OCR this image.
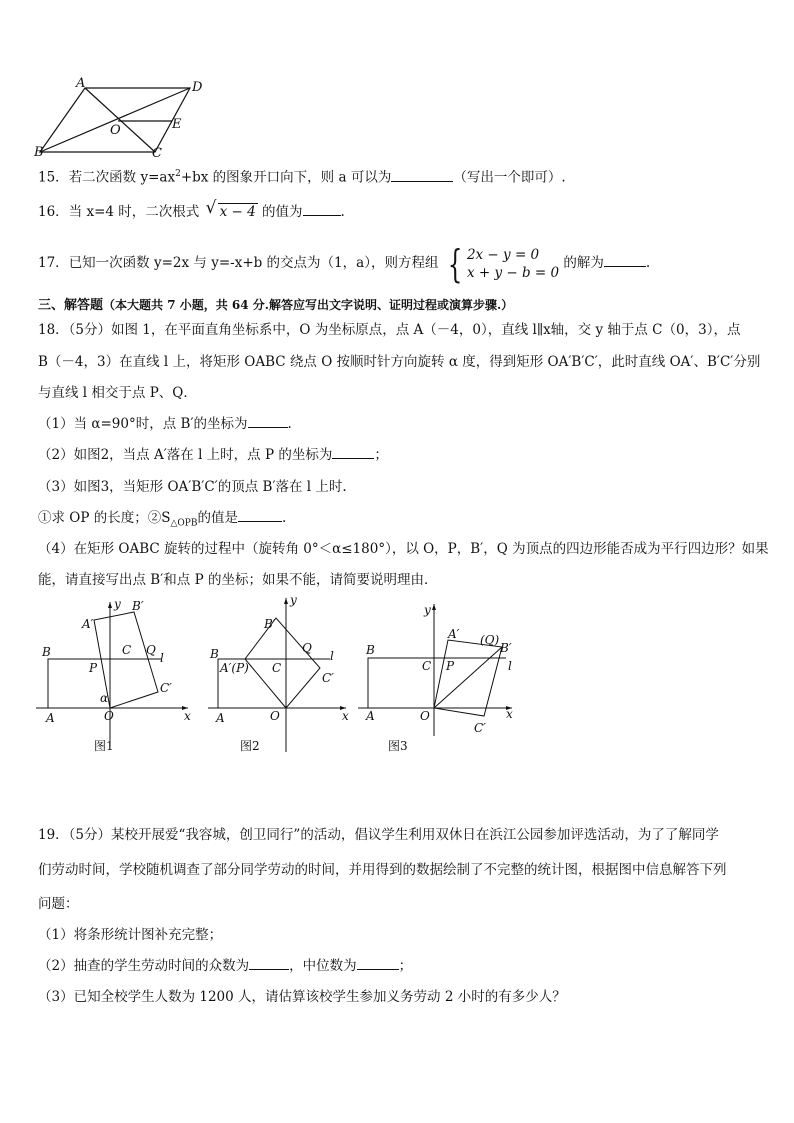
A	D
O	E
B	C
15．若二次函数 $y=ax^2+bx$ 的图象开口向下，则 a 可以为	（写出一个即可）.
16．当 x=4 时，二次根式 √ x − 4 的值为	.
17．已知一次函数 y=2x 与 y=-x+b 的交点为（1，a），则方程组 { 2x − y = 0
x + y − b = 0 的解为	.
三、解答题（本大题共 7 小题，共 64 分.解答应写出文字说明、证明过程或演算步骤.）
18．（5分）如图 1，在平面直角坐标系中，O 为坐标原点，点 A（－4，0），直线 l∥x轴，交 y 轴于点 C（0，3），点
B（－4，3）在直线 l 上，将矩形 OABC 绕点 O 按顺时针方向旋转 α 度，得到矩形 OA′B′C′，此时直线 OA′、B′C′分别
与直线 l 相交于点 P、Q．
（1）当 α=90°时，点 B′的坐标为	.
（2）如图2，当点 A′落在 l 上时，点 P 的坐标为	；
（3）如图3，当矩形 OA′B′C′的顶点 B′落在 l 上时.
①求 OP 的长度；$②S_{\triangle OPB}$的值是	.
（4）在矩形 OABC 旋转的过程中（旋转角 0°＜α≤180°），以 O，P，B′，Q 为顶点的四边形能否成为平行四边形？如果
能，请直接写出点 B′和点 P 的坐标；如果不能，请简要说明理由．
y
x
B
A	O
C Q
l
P
A′
B′
C′
α
图1
y
x
B
A	O
C
Q
l
A′(P)
B′
C′
图2
y
x
B
A	O
C P	l
A′ (Q)
B′
C′
图3
19．（5分）某校开展爱“我容城，创卫同行”的活动，倡议学生利用双休日在浜江公园参加评选活动，为了了解同学
们劳动时间，学校随机调查了部分同学劳动的时间，并用得到的数据绘制了不完整的统计图，根据图中信息解答下列
问题：
（1）将条形统计图补充完整；
（2）抽查的学生劳动时间的众数为	，中位数为	；
（3）已知全校学生人数为 1200 人，请估算该校学生参加义务劳动 2 小时的有多少人？
